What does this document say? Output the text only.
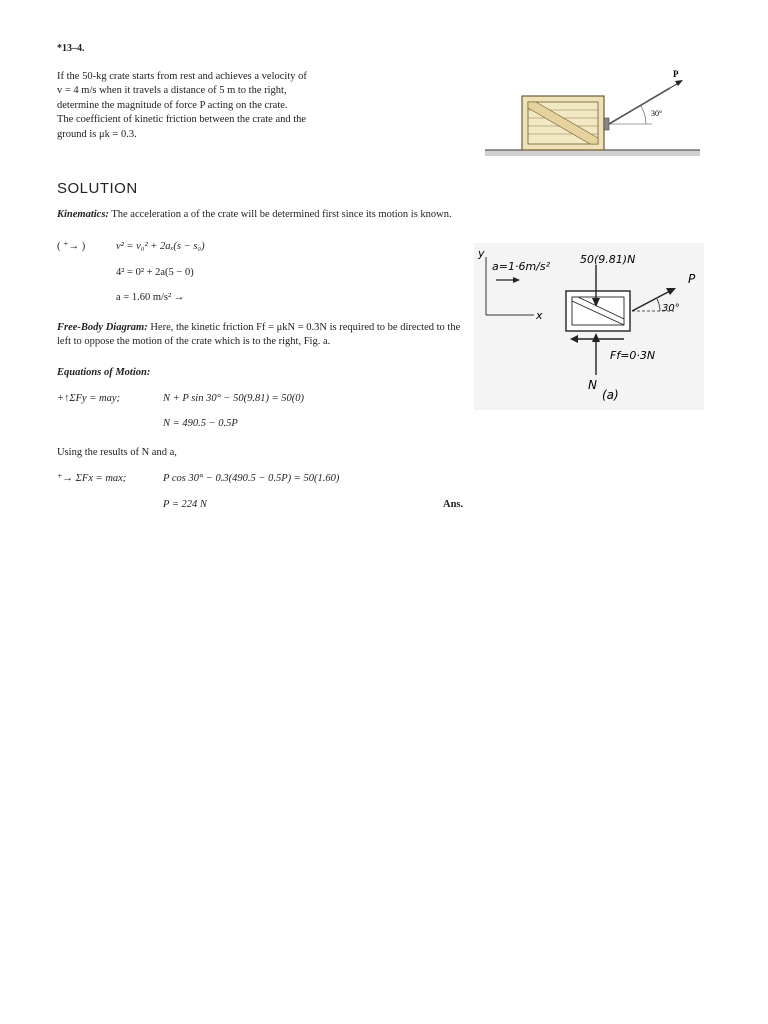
*13–4.
If the 50-kg crate starts from rest and achieves a velocity of
v = 4 m/s when it travels a distance of 5 m to the right,
determine the magnitude of force P acting on the crate.
The coefficient of kinetic friction between the crate and the
ground is μk = 0.3.
30°
P
SOLUTION
Kinematics: The acceleration a of the crate will be determined first since its motion is known.
( ⁺→ )	v² = v₀² + 2aₓ(s − s₀)
4² = 0² + 2a(5 − 0)
a = 1.60 m/s² →
Free-Body Diagram: Here, the kinetic friction Ff = μkN = 0.3N is required to be directed to the left to oppose the motion of the crate which is to the right, Fig. a.
Equations of Motion:
+↑ΣFy = may;	N + P sin 30° − 50(9.81) = 50(0)
N = 490.5 − 0.5P
Using the results of N and a,
⁺→ ΣFx = max;	P cos 30° − 0.3(490.5 − 0.5P) = 50(1.60)
P = 224 N	Ans.
y
x
a=1·6m/s²
50(9.81)N
P
30°
Ff=0·3N
N
(a)
